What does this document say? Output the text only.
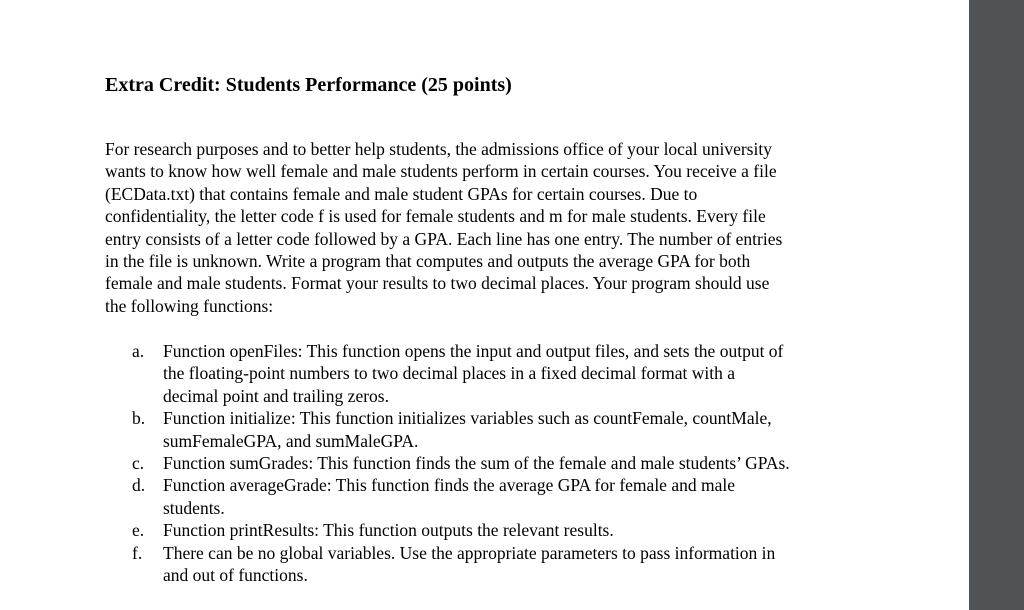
Extra Credit: Students Performance (25 points)

For research purposes and to better help students, the admissions office of your local university
wants to know how well female and male students perform in certain courses. You receive a file
(ECData.txt) that contains female and male student GPAs for certain courses. Due to
confidentiality, the letter code f is used for female students and m for male students. Every file
entry consists of a letter code followed by a GPA. Each line has one entry. The number of entries
in the file is unknown. Write a program that computes and outputs the average GPA for both
female and male students. Format your results to two decimal places. Your program should use
the following functions:

a. Function openFiles: This function opens the input and output files, and sets the output of
the floating-point numbers to two decimal places in a fixed decimal format with a
decimal point and trailing zeros.
b. Function initialize: This function initializes variables such as countFemale, countMale,
sumFemaleGPA, and sumMaleGPA.
c. Function sumGrades: This function finds the sum of the female and male students’ GPAs.
d. Function averageGrade: This function finds the average GPA for female and male
students.
e. Function printResults: This function outputs the relevant results.
f. There can be no global variables. Use the appropriate parameters to pass information in
and out of functions.
